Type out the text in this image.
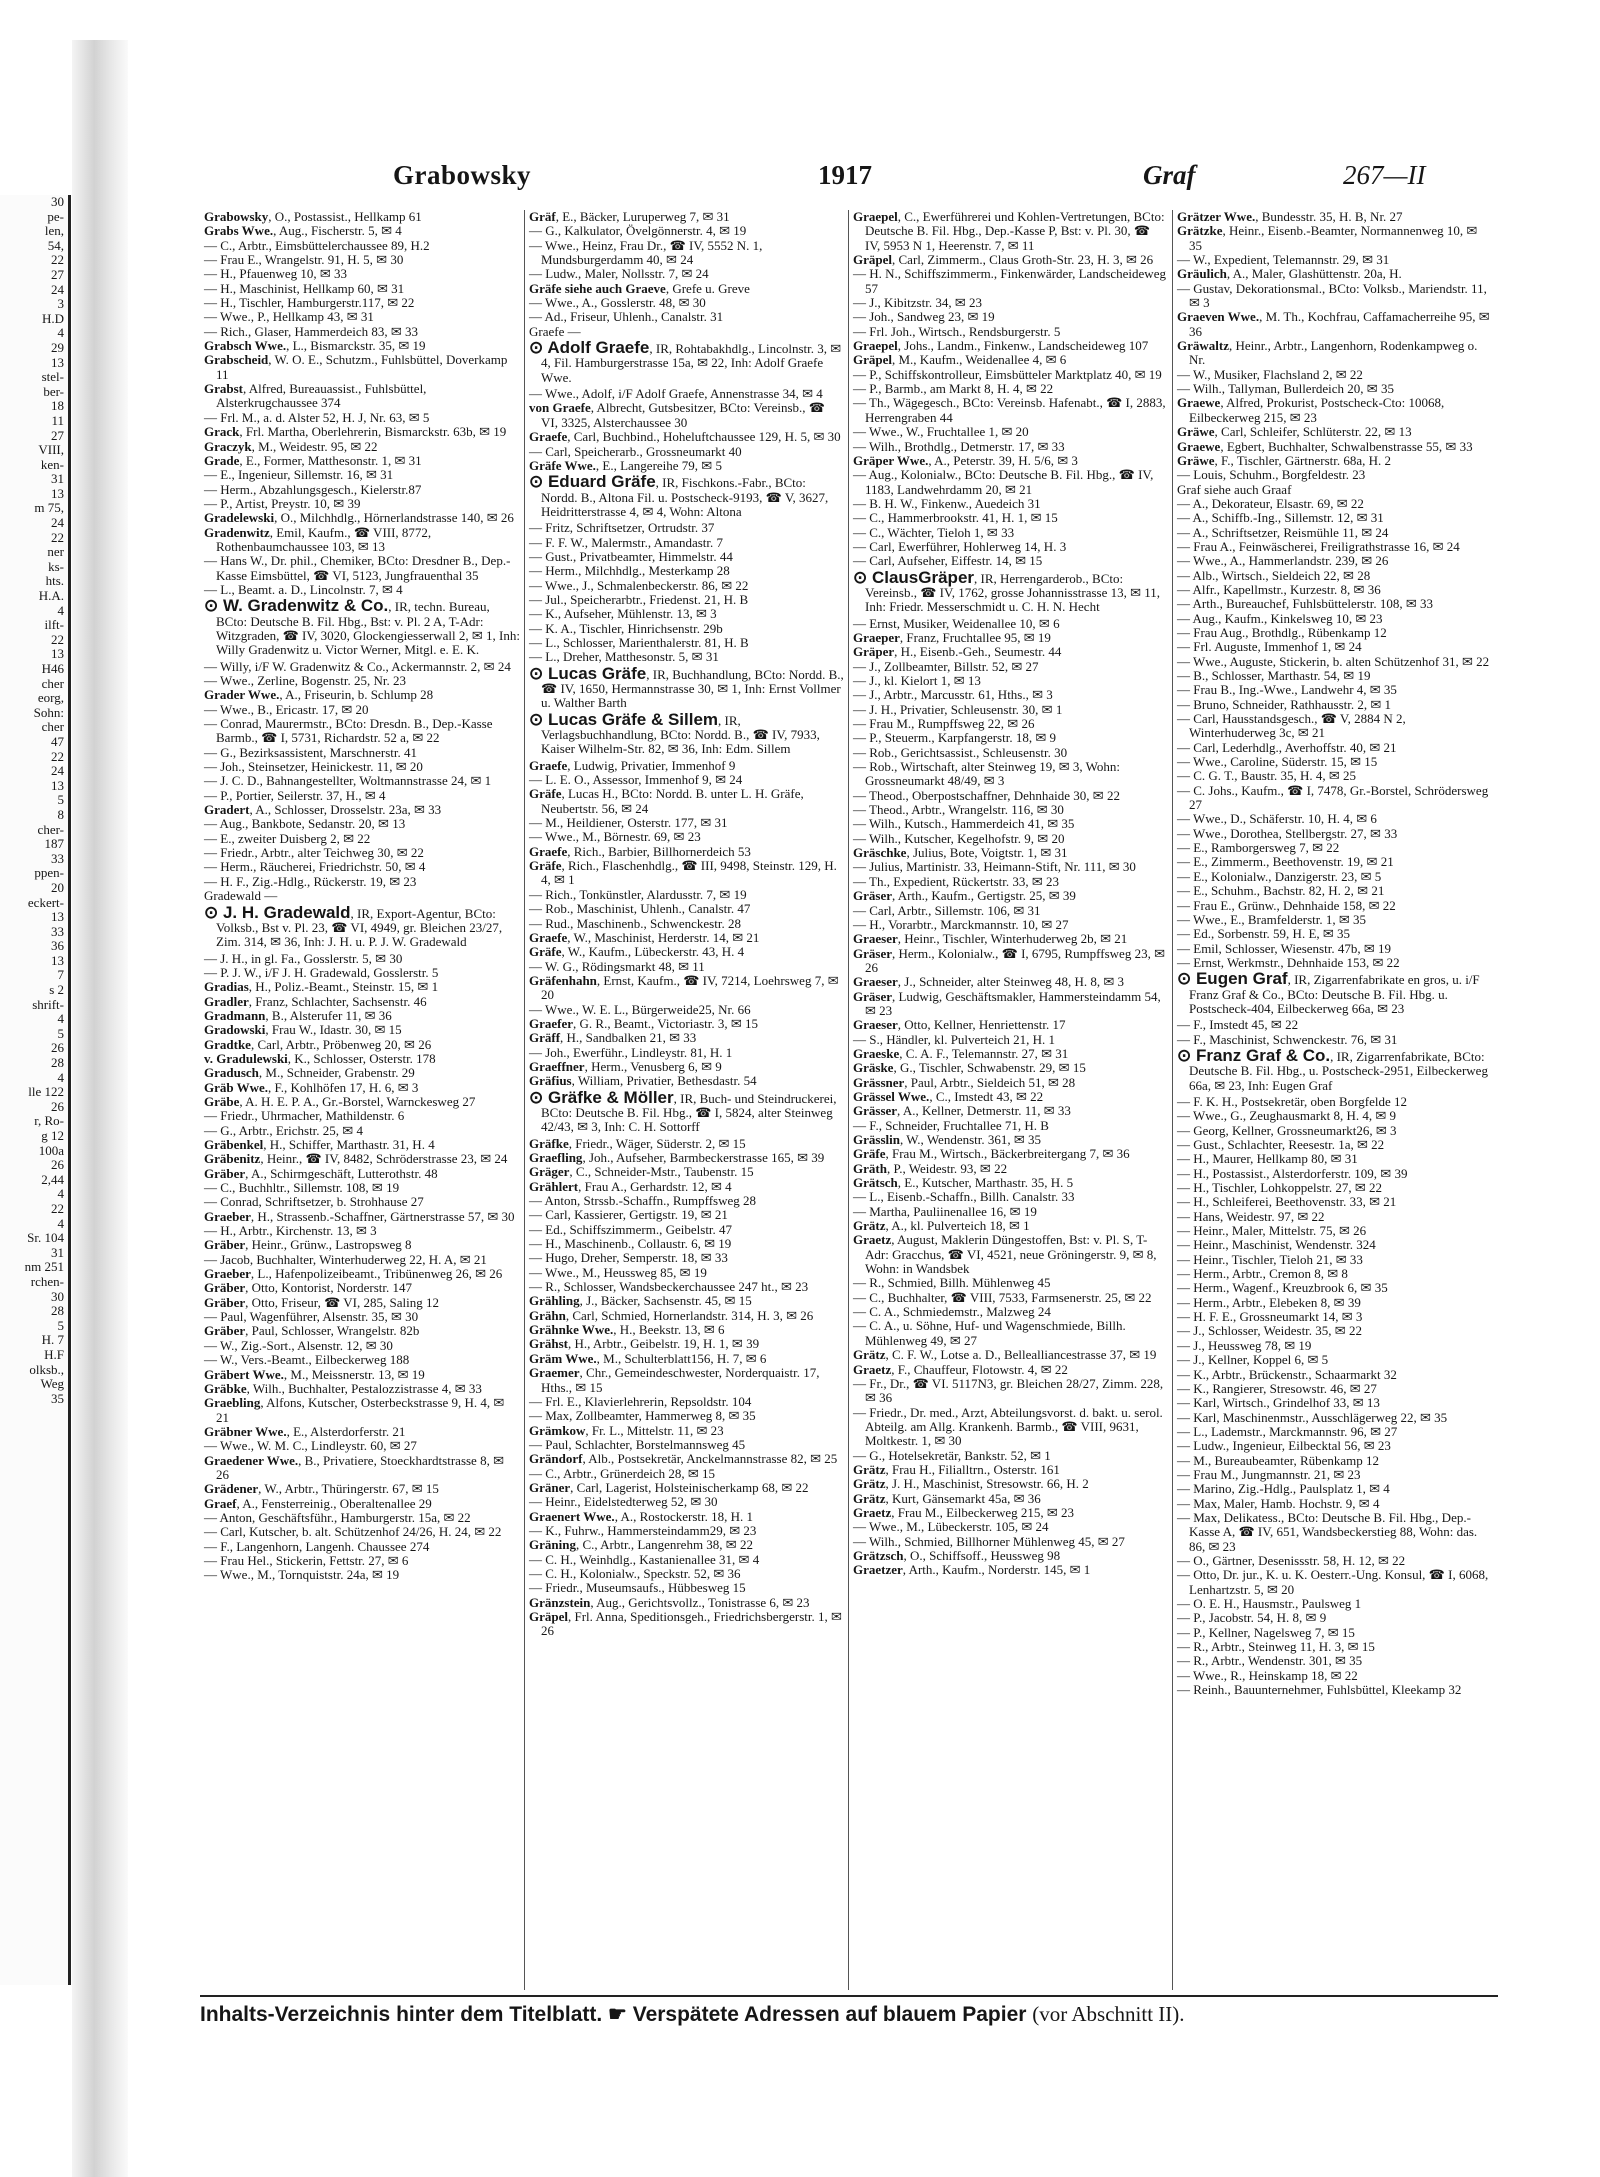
30
pe-
len,
54,
22
27
24
3
H.D
4
29
13
stel-
ber-
18
11
27
VIII,
ken-
31
13
m 75,
24
22
ner
ks-
hts.
H.A.
4
ilft-
22
13
H46
cher
eorg,
Sohn:
cher
47
22
24
13
5
8
cher-
187
33
ppen-
20
eckert-
13
33
36
13
7
s 2
shrift-
4
5
26
28
4
lle 122
26
r, Ro-
g 12
100a
26
2,44
4
22
4
Sr. 104
31
nm 251
rchen-
30
28
5
H. 7
H.F
olksb.,
Weg
35
Grabowsky	1917	Graf	267—II

Grabowsky, O., Postassist., Hellkamp 61

Grabs Wwe., Aug., Fischerstr. 5, ✉ 4

— C., Arbtr., Eimsbüttelerchaussee 89, H.2

— Frau E., Wrangelstr. 91, H. 5, ✉ 30

— H., Pfauenweg 10, ✉ 33

— H., Maschinist, Hellkamp 60, ✉ 31

— H., Tischler, Hamburgerstr.117, ✉ 22

— Wwe., P., Hellkamp 43, ✉ 31

— Rich., Glaser, Hammerdeich 83, ✉ 33

Grabsch Wwe., L., Bismarckstr. 35, ✉ 19

Grabscheid, W. O. E., Schutzm., Fuhlsbüttel, Doverkamp 11

Grabst, Alfred, Bureauassist., Fuhlsbüttel, Alsterkrugchaussee 374

— Frl. M., a. d. Alster 52, H. J, Nr. 63, ✉ 5

Grack, Frl. Martha, Oberlehrerin, Bismarckstr. 63b, ✉ 19

Graczyk, M., Weidestr. 95, ✉ 22

Grade, E., Former, Matthesonstr. 1, ✉ 31

— E., Ingenieur, Sillemstr. 16, ✉ 31

— Herm., Abzahlungsgesch., Kielerstr.87

— P., Artist, Preystr. 10, ✉ 39

Gradelewski, O., Milchhdlg., Hörnerlandstrasse 140, ✉ 26

Gradenwitz, Emil, Kaufm., ☎ VIII, 8772, Rothenbaumchaussee 103, ✉ 13

— Hans W., Dr. phil., Chemiker, BCto: Dresdner B., Dep.-Kasse Eimsbüttel, ☎ VI, 5123, Jungfrauenthal 35

— L., Beamt. a. D., Lincolnstr. 7, ✉ 4

⊙ W. Gradenwitz & Co., IR, techn. Bureau, BCto: Deutsche B. Fil. Hbg., Bst: v. Pl. 2 A, T-Adr: Witzgraden, ☎ IV, 3020, Glockengiesserwall 2, ✉ 1, Inh: Willy Gradenwitz u. Victor Werner, Mitgl. e. E. K.

— Willy, i/F W. Gradenwitz & Co., Ackermannstr. 2, ✉ 24

— Wwe., Zerline, Bogenstr. 25, Nr. 23

Grader Wwe., A., Friseurin, b. Schlump 28

— Wwe., B., Ericastr. 17, ✉ 20

— Conrad, Maurermstr., BCto: Dresdn. B., Dep.-Kasse Barmb., ☎ I, 5731, Richardstr. 52 a, ✉ 22

— G., Bezirksassistent, Marschnerstr. 41

— Joh., Steinsetzer, Heinickestr. 11, ✉ 20

— J. C. D., Bahnangestellter, Woltmannstrasse 24, ✉ 1

— P., Portier, Seilerstr. 37, H., ✉ 4

Gradert, A., Schlosser, Drosselstr. 23a, ✉ 33

— Aug., Bankbote, Sedanstr. 20, ✉ 13

— E., zweiter Duisberg 2, ✉ 22

— Friedr., Arbtr., alter Teichweg 30, ✉ 22

— Herm., Räucherei, Friedrichstr. 50, ✉ 4

— H. F., Zig.-Hdlg., Rückerstr. 19, ✉ 23

Gradewald —

⊙ J. H. Gradewald, IR, Export-Agentur, BCto: Volksb., Bst v. Pl. 23, ☎ VI, 4949, gr. Bleichen 23/27, Zim. 314, ✉ 36, Inh: J. H. u. P. J. W. Gradewald

— J. H., in gl. Fa., Gosslerstr. 5, ✉ 30

— P. J. W., i/F J. H. Gradewald, Gosslerstr. 5

Gradias, H., Poliz.-Beamt., Steinstr. 15, ✉ 1

Gradler, Franz, Schlachter, Sachsenstr. 46

Gradmann, B., Alsterufer 11, ✉ 36

Gradowski, Frau W., Idastr. 30, ✉ 15

Gradtke, Carl, Arbtr., Pröbenweg 20, ✉ 26

v. Gradulewski, K., Schlosser, Osterstr. 178

Gradusch, M., Schneider, Grabenstr. 29

Gräb Wwe., F., Kohlhöfen 17, H. 6, ✉ 3

Gräbe, A. H. E. P. A., Gr.-Borstel, Warnckesweg 27

— Friedr., Uhrmacher, Mathildenstr. 6

— G., Arbtr., Erichstr. 25, ✉ 4

Gräbenkel, H., Schiffer, Marthastr. 31, H. 4

Gräbenitz, Heinr., ☎ IV, 8482, Schröderstrasse 23, ✉ 24

Gräber, A., Schirmgeschäft, Lutterothstr. 48

— C., Buchhltr., Sillemstr. 108, ✉ 19

— Conrad, Schriftsetzer, b. Strohhause 27

Graeber, H., Strassenb.-Schaffner, Gärtnerstrasse 57, ✉ 30

— H., Arbtr., Kirchenstr. 13, ✉ 3

Gräber, Heinr., Grünw., Lastropsweg 8

— Jacob, Buchhalter, Winterhuderweg 22, H. A, ✉ 21

Graeber, L., Hafenpolizeibeamt., Tribünenweg 26, ✉ 26

Gräber, Otto, Kontorist, Norderstr. 147

Gräber, Otto, Friseur, ☎ VI, 285, Saling 12

— Paul, Wagenführer, Alsenstr. 35, ✉ 30

Gräber, Paul, Schlosser, Wrangelstr. 82b

— W., Zig.-Sort., Alsenstr. 12, ✉ 30

— W., Vers.-Beamt., Eilbeckerweg 188

Gräbert Wwe., M., Meissnerstr. 13, ✉ 19

Gräbke, Wilh., Buchhalter, Pestalozzistrasse 4, ✉ 33

Graebling, Alfons, Kutscher, Osterbeckstrasse 9, H. 4, ✉ 21

Gräbner Wwe., E., Alsterdorferstr. 21

— Wwe., W. M. C., Lindleystr. 60, ✉ 27

Graedener Wwe., B., Privatiere, Stoeckhardtstrasse 8, ✉ 26

Grädener, W., Arbtr., Thüringerstr. 67, ✉ 15

Graef, A., Fensterreinig., Oberaltenallee 29

— Anton, Geschäftsführ., Hamburgerstr. 15a, ✉ 22

— Carl, Kutscher, b. alt. Schützenhof 24/26, H. 24, ✉ 22

— F., Langenhorn, Langenh. Chaussee 274

— Frau Hel., Stickerin, Fettstr. 27, ✉ 6

— Wwe., M., Tornquiststr. 24a, ✉ 19

Gräf, E., Bäcker, Luruperweg 7, ✉ 31

— G., Kalkulator, Övelgönnerstr. 4, ✉ 19

— Wwe., Heinz, Frau Dr., ☎ IV, 5552 N. 1, Mundsburgerdamm 40, ✉ 24

— Ludw., Maler, Nollsstr. 7, ✉ 24

Gräfe siehe auch Graeve, Grefe u. Greve

— Wwe., A., Gosslerstr. 48, ✉ 30

— Ad., Friseur, Uhlenh., Canalstr. 31

Graefe —

⊙ Adolf Graefe, IR, Rohtabakhdlg., Lincolnstr. 3, ✉ 4, Fil. Hamburgerstrasse 15a, ✉ 22, Inh: Adolf Graefe Wwe.

— Wwe., Adolf, i/F Adolf Graefe, Annenstrasse 34, ✉ 4

von Graefe, Albrecht, Gutsbesitzer, BCto: Vereinsb., ☎ VI, 3325, Alsterchaussee 30

Graefe, Carl, Buchbind., Hoheluftchaussee 129, H. 5, ✉ 30

— Carl, Speicherarb., Grossneumarkt 40

Gräfe Wwe., E., Langereihe 79, ✉ 5

⊙ Eduard Gräfe, IR, Fischkons.-Fabr., BCto: Nordd. B., Altona Fil. u. Postscheck-9193, ☎ V, 3627, Heidritterstrasse 4, ✉ 4, Wohn: Altona

— Fritz, Schriftsetzer, Ortrudstr. 37

— F. F. W., Malermstr., Amandastr. 7

— Gust., Privatbeamter, Himmelstr. 44

— Herm., Milchhdlg., Mesterkamp 28

— Wwe., J., Schmalenbeckerstr. 86, ✉ 22

— Jul., Speicherarbtr., Friedenst. 21, H. B

— K., Aufseher, Mühlenstr. 13, ✉ 3

— K. A., Tischler, Hinrichsenstr. 29b

— L., Schlosser, Marienthalerstr. 81, H. B

— L., Dreher, Matthesonstr. 5, ✉ 31

⊙ Lucas Gräfe, IR, Buchhandlung, BCto: Nordd. B., ☎ IV, 1650, Hermannstrasse 30, ✉ 1, Inh: Ernst Vollmer u. Walther Barth

⊙ Lucas Gräfe & Sillem, IR, Verlagsbuchhandlung, BCto: Nordd. B., ☎ IV, 7933, Kaiser Wilhelm-Str. 82, ✉ 36, Inh: Edm. Sillem

Graefe, Ludwig, Privatier, Immenhof 9

— L. E. O., Assessor, Immenhof 9, ✉ 24

Gräfe, Lucas H., BCto: Nordd. B. unter L. H. Gräfe, Neubertstr. 56, ✉ 24

— M., Heildiener, Osterstr. 177, ✉ 31

— Wwe., M., Börnestr. 69, ✉ 23

Graefe, Rich., Barbier, Billhornerdeich 53

Gräfe, Rich., Flaschenhdlg., ☎ III, 9498, Steinstr. 129, H. 4, ✉ 1

— Rich., Tonkünstler, Alardusstr. 7, ✉ 19

— Rob., Maschinist, Uhlenh., Canalstr. 47

— Rud., Maschinenb., Schwenckestr. 28

Graefe, W., Maschinist, Herderstr. 14, ✉ 21

Gräfe, W., Kaufm., Lübeckerstr. 43, H. 4

— W. G., Rödingsmarkt 48, ✉ 11

Gräfenhahn, Ernst, Kaufm., ☎ IV, 7214, Loehrsweg 7, ✉ 20

— Wwe., W. E. L., Bürgerweide25, Nr. 66

Graefer, G. R., Beamt., Victoriastr. 3, ✉ 15

Gräff, H., Sandbalken 21, ✉ 33

— Joh., Ewerführ., Lindleystr. 81, H. 1

Graeffner, Herm., Venusberg 6, ✉ 9

Gräfius, William, Privatier, Bethesdastr. 54

⊙ Gräfke & Möller, IR, Buch- und Steindruckerei, BCto: Deutsche B. Fil. Hbg., ☎ I, 5824, alter Steinweg 42/43, ✉ 3, Inh: C. H. Sottorff

Gräfke, Friedr., Wäger, Süderstr. 2, ✉ 15

Graefling, Joh., Aufseher, Barmbeckerstrasse 165, ✉ 39

Gräger, C., Schneider-Mstr., Taubenstr. 15

Grählert, Frau A., Gerhardstr. 12, ✉ 4

— Anton, Strssb.-Schaffn., Rumpffsweg 28

— Carl, Kassierer, Gertigstr. 19, ✉ 21

— Ed., Schiffszimmerm., Geibelstr. 47

— H., Maschinenb., Collaustr. 6, ✉ 19

— Hugo, Dreher, Semperstr. 18, ✉ 33

— Wwe., M., Heussweg 85, ✉ 19

— R., Schlosser, Wandsbeckerchaussee 247 ht., ✉ 23

Grähling, J., Bäcker, Sachsenstr. 45, ✉ 15

Grähn, Carl, Schmied, Hornerlandstr. 314, H. 3, ✉ 26

Grähnke Wwe., H., Beekstr. 13, ✉ 6

Grähst, H., Arbtr., Geibelstr. 19, H. 1, ✉ 39

Gräm Wwe., M., Schulterblatt156, H. 7, ✉ 6

Graemer, Chr., Gemeindeschwester, Norderquaistr. 17, Hths., ✉ 15

— Frl. E., Klavierlehrerin, Repsoldstr. 104

— Max, Zollbeamter, Hammerweg 8, ✉ 35

Grämkow, Fr. L., Mittelstr. 11, ✉ 23

— Paul, Schlachter, Borstelmannsweg 45

Grändorf, Alb., Postsekretär, Anckelmannstrasse 82, ✉ 25

— C., Arbtr., Grünerdeich 28, ✉ 15

Gräner, Carl, Lagerist, Holsteinischerkamp 68, ✉ 22

— Heinr., Eidelstedterweg 52, ✉ 30

Graenert Wwe., A., Rostockerstr. 18, H. 1

— K., Fuhrw., Hammersteindamm29, ✉ 23

Gräning, C., Arbtr., Langenrehm 38, ✉ 22

— C. H., Weinhdlg., Kastanienallee 31, ✉ 4

— C. H., Kolonialw., Speckstr. 52, ✉ 36

— Friedr., Museumsaufs., Hübbesweg 15

Gränzstein, Aug., Gerichtsvollz., Tonistrasse 6, ✉ 23

Gräpel, Frl. Anna, Speditionsgeh., Friedrichsbergerstr. 1, ✉ 26

Graepel, C., Ewerführerei und Kohlen-Vertretungen, BCto: Deutsche B. Fil. Hbg., Dep.-Kasse P, Bst: v. Pl. 30, ☎ IV, 5953 N 1, Heerenstr. 7, ✉ 11

Gräpel, Carl, Zimmerm., Claus Groth-Str. 23, H. 3, ✉ 26

— H. N., Schiffszimmerm., Finkenwärder, Landscheideweg 57

— J., Kibitzstr. 34, ✉ 23

— Joh., Sandweg 23, ✉ 19

— Frl. Joh., Wirtsch., Rendsburgerstr. 5

Graepel, Johs., Landm., Finkenw., Landscheideweg 107

Gräpel, M., Kaufm., Weidenallee 4, ✉ 6

— P., Schiffskontrolleur, Eimsbütteler Marktplatz 40, ✉ 19

— P., Barmb., am Markt 8, H. 4, ✉ 22

— Th., Wägegesch., BCto: Vereinsb. Hafenabt., ☎ I, 2883, Herrengraben 44

— Wwe., W., Fruchtallee 1, ✉ 20

— Wilh., Brothdlg., Detmerstr. 17, ✉ 33

Gräper Wwe., A., Peterstr. 39, H. 5/6, ✉ 3

— Aug., Kolonialw., BCto: Deutsche B. Fil. Hbg., ☎ IV, 1183, Landwehrdamm 20, ✉ 21

— B. H. W., Finkenw., Auedeich 31

— C., Hammerbrookstr. 41, H. 1, ✉ 15

— C., Wächter, Tieloh 1, ✉ 33

— Carl, Ewerführer, Hohlerweg 14, H. 3

— Carl, Aufseher, Eiffestr. 14, ✉ 15

⊙ ClausGräper, IR, Herrengarderob., BCto: Vereinsb., ☎ IV, 1762, grosse Johannisstrasse 13, ✉ 11, Inh: Friedr. Messerschmidt u. C. H. N. Hecht

— Ernst, Musiker, Weidenallee 10, ✉ 6

Graeper, Franz, Fruchtallee 95, ✉ 19

Gräper, H., Eisenb.-Geh., Seumestr. 44

— J., Zollbeamter, Billstr. 52, ✉ 27

— J., kl. Kielort 1, ✉ 13

— J., Arbtr., Marcusstr. 61, Hths., ✉ 3

— J. H., Privatier, Schleusenstr. 30, ✉ 1

— Frau M., Rumpffsweg 22, ✉ 26

— P., Steuerm., Karpfangerstr. 18, ✉ 9

— Rob., Gerichtsassist., Schleusenstr. 30

— Rob., Wirtschaft, alter Steinweg 19, ✉ 3, Wohn: Grossneumarkt 48/49, ✉ 3

— Theod., Oberpostschaffner, Dehnhaide 30, ✉ 22

— Theod., Arbtr., Wrangelstr. 116, ✉ 30

— Wilh., Kutsch., Hammerdeich 41, ✉ 35

— Wilh., Kutscher, Kegelhofstr. 9, ✉ 20

Gräschke, Julius, Bote, Voigtstr. 1, ✉ 31

— Julius, Martinistr. 33, Heimann-Stift, Nr. 111, ✉ 30

— Th., Expedient, Rückertstr. 33, ✉ 23

Gräser, Arth., Kaufm., Gertigstr. 25, ✉ 39

— Carl, Arbtr., Sillemstr. 106, ✉ 31

— H., Vorarbtr., Marckmannstr. 10, ✉ 27

Graeser, Heinr., Tischler, Winterhuderweg 2b, ✉ 21

Gräser, Herm., Kolonialw., ☎ I, 6795, Rumpffsweg 23, ✉ 26

Graeser, J., Schneider, alter Steinweg 48, H. 8, ✉ 3

Gräser, Ludwig, Geschäftsmakler, Hammersteindamm 54, ✉ 23

Graeser, Otto, Kellner, Henriettenstr. 17

— S., Händler, kl. Pulverteich 21, H. 1

Graeske, C. A. F., Telemannstr. 27, ✉ 31

Gräske, G., Tischler, Schwabenstr. 29, ✉ 15

Grässner, Paul, Arbtr., Sieldeich 51, ✉ 28

Grässel Wwe., C., Imstedt 43, ✉ 22

Grässer, A., Kellner, Detmerstr. 11, ✉ 33

— F., Schneider, Fruchtallee 71, H. B

Grässlin, W., Wendenstr. 361, ✉ 35

Gräfe, Frau M., Wirtsch., Bäckerbreitergang 7, ✉ 36

Gräth, P., Weidestr. 93, ✉ 22

Grätsch, E., Kutscher, Marthastr. 35, H. 5

— L., Eisenb.-Schaffn., Billh. Canalstr. 33

— Martha, Pauliinenallee 16, ✉ 19

Grätz, A., kl. Pulverteich 18, ✉ 1

Graetz, August, Maklerin Düngestoffen, Bst: v. Pl. S, T-Adr: Gracchus, ☎ VI, 4521, neue Gröningerstr. 9, ✉ 8, Wohn: in Wandsbek

— R., Schmied, Billh. Mühlenweg 45

— C., Buchhalter, ☎ VIII, 7533, Farmsenerstr. 25, ✉ 22

— C. A., Schmiedemstr., Malzweg 24

— C. A., u. Söhne, Huf- und Wagenschmiede, Billh. Mühlenweg 49, ✉ 27

Grätz, C. F. W., Lotse a. D., Bellealliancestrasse 37, ✉ 19

Graetz, F., Chauffeur, Flotowstr. 4, ✉ 22

— Fr., Dr., ☎ VI. 5117N3, gr. Bleichen 28/27, Zimm. 228, ✉ 36

— Friedr., Dr. med., Arzt, Abteilungsvorst. d. bakt. u. serol. Abteilg. am Allg. Krankenh. Barmb., ☎ VIII, 9631, Moltkestr. 1, ✉ 30

— G., Hotelsekretär, Bankstr. 52, ✉ 1

Grätz, Frau H., Filialltrn., Osterstr. 161

Grätz, J. H., Maschinist, Stresowstr. 66, H. 2

Grätz, Kurt, Gänsemarkt 45a, ✉ 36

Graetz, Frau M., Eilbeckerweg 215, ✉ 23

— Wwe., M., Lübeckerstr. 105, ✉ 24

— Wilh., Schmied, Billhorner Mühlenweg 45, ✉ 27

Grätzsch, O., Schiffsoff., Heussweg 98

Graetzer, Arth., Kaufm., Norderstr. 145, ✉ 1

Grätzer Wwe., Bundesstr. 35, H. B, Nr. 27

Grätzke, Heinr., Eisenb.-Beamter, Normannenweg 10, ✉ 35

— W., Expedient, Telemannstr. 29, ✉ 31

Gräulich, A., Maler, Glashüttenstr. 20a, H.

— Gustav, Dekorationsmal., BCto: Volksb., Mariendstr. 11, ✉ 3

Graeven Wwe., M. Th., Kochfrau, Caffamacherreihe 95, ✉ 36

Gräwaltz, Heinr., Arbtr., Langenhorn, Rodenkampweg o. Nr.

— W., Musiker, Flachsland 2, ✉ 22

— Wilh., Tallyman, Bullerdeich 20, ✉ 35

Graewe, Alfred, Prokurist, Postscheck-Cto: 10068, Eilbeckerweg 215, ✉ 23

Gräwe, Carl, Schleifer, Schlüterstr. 22, ✉ 13

Graewe, Egbert, Buchhalter, Schwalbenstrasse 55, ✉ 33

Gräwe, F., Tischler, Gärtnerstr. 68a, H. 2

— Louis, Schuhm., Borgfeldestr. 23

Graf siehe auch Graaf

— A., Dekorateur, Elsastr. 69, ✉ 22

— A., Schiffb.-Ing., Sillemstr. 12, ✉ 31

— A., Schriftsetzer, Reismühle 11, ✉ 24

— Frau A., Feinwäscherei, Freiligrathstrasse 16, ✉ 24

— Wwe., A., Hammerlandstr. 239, ✉ 26

— Alb., Wirtsch., Sieldeich 22, ✉ 28

— Alfr., Kapellmstr., Kurzestr. 8, ✉ 36

— Arth., Bureauchef, Fuhlsbüttelerstr. 108, ✉ 33

— Aug., Kaufm., Kinkelsweg 10, ✉ 23

— Frau Aug., Brothdlg., Rübenkamp 12

— Frl. Auguste, Immenhof 1, ✉ 24

— Wwe., Auguste, Stickerin, b. alten Schützenhof 31, ✉ 22

— B., Schlosser, Marthastr. 54, ✉ 19

— Frau B., Ing.-Wwe., Landwehr 4, ✉ 35

— Bruno, Schneider, Rathhausstr. 2, ✉ 1

— Carl, Hausstandsgesch., ☎ V, 2884 N 2, Winterhuderweg 3c, ✉ 21

— Carl, Lederhdlg., Averhoffstr. 40, ✉ 21

— Wwe., Caroline, Süderstr. 15, ✉ 15

— C. G. T., Baustr. 35, H. 4, ✉ 25

— C. Johs., Kaufm., ☎ I, 7478, Gr.-Borstel, Schrödersweg 27

— Wwe., D., Schäferstr. 10, H. 4, ✉ 6

— Wwe., Dorothea, Stellbergstr. 27, ✉ 33

— E., Ramborgersweg 7, ✉ 22

— E., Zimmerm., Beethovenstr. 19, ✉ 21

— E., Kolonialw., Danzigerstr. 23, ✉ 5

— E., Schuhm., Bachstr. 82, H. 2, ✉ 21

— Frau E., Grünw., Dehnhaide 158, ✉ 22

— Wwe., E., Bramfelderstr. 1, ✉ 35

— Ed., Sorbenstr. 59, H. E, ✉ 35

— Emil, Schlosser, Wiesenstr. 47b, ✉ 19

— Ernst, Werkmstr., Dehnhaide 153, ✉ 22

⊙ Eugen Graf, IR, Zigarrenfabrikate en gros, u. i/F Franz Graf & Co., BCto: Deutsche B. Fil. Hbg. u. Postscheck-404, Eilbeckerweg 66a, ✉ 23

— F., Imstedt 45, ✉ 22

— F., Maschinist, Schwenckestr. 76, ✉ 31

⊙ Franz Graf & Co., IR, Zigarrenfabrikate, BCto: Deutsche B. Fil. Hbg., u. Postscheck-2951, Eilbeckerweg 66a, ✉ 23, Inh: Eugen Graf

— F. K. H., Postsekretär, oben Borgfelde 12

— Wwe., G., Zeughausmarkt 8, H. 4, ✉ 9

— Georg, Kellner, Grossneumarkt26, ✉ 3

— Gust., Schlachter, Reesestr. 1a, ✉ 22

— H., Maurer, Hellkamp 80, ✉ 31

— H., Postassist., Alsterdorferstr. 109, ✉ 39

— H., Tischler, Lohkoppelstr. 27, ✉ 22

— H., Schleiferei, Beethovenstr. 33, ✉ 21

— Hans, Weidestr. 97, ✉ 22

— Heinr., Maler, Mittelstr. 75, ✉ 26

— Heinr., Maschinist, Wendenstr. 324

— Heinr., Tischler, Tieloh 21, ✉ 33

— Herm., Arbtr., Cremon 8, ✉ 8

— Herm., Wagenf., Kreuzbrook 6, ✉ 35

— Herm., Arbtr., Elebeken 8, ✉ 39

— H. F. E., Grossneumarkt 14, ✉ 3

— J., Schlosser, Weidestr. 35, ✉ 22

— J., Heussweg 78, ✉ 19

— J., Kellner, Koppel 6, ✉ 5

— K., Arbtr., Brückenstr., Schaarmarkt 32

— K., Rangierer, Stresowstr. 46, ✉ 27

— Karl, Wirtsch., Grindelhof 33, ✉ 13

— Karl, Maschinenmstr., Ausschlägerweg 22, ✉ 35

— L., Lademstr., Marckmannstr. 96, ✉ 27

— Ludw., Ingenieur, Eilbecktal 56, ✉ 23

— M., Bureaubeamter, Rübenkamp 12

— Frau M., Jungmannstr. 21, ✉ 23

— Marino, Zig.-Hdlg., Paulsplatz 1, ✉ 4

— Max, Maler, Hamb. Hochstr. 9, ✉ 4

— Max, Delikatess., BCto: Deutsche B. Fil. Hbg., Dep.-Kasse A, ☎ IV, 651, Wandsbeckerstieg 88, Wohn: das. 86, ✉ 23

— O., Gärtner, Desenissstr. 58, H. 12, ✉ 22

— Otto, Dr. jur., K. u. K. Oesterr.-Ung. Konsul, ☎ I, 6068, Lenhartzstr. 5, ✉ 20

— O. E. H., Hausmstr., Paulsweg 1

— P., Jacobstr. 54, H. 8, ✉ 9

— P., Kellner, Nagelsweg 7, ✉ 15

— R., Arbtr., Steinweg 11, H. 3, ✉ 15

— R., Arbtr., Wendenstr. 301, ✉ 35

— Wwe., R., Heinskamp 18, ✉ 22

— Reinh., Bauunternehmer, Fuhlsbüttel, Kleekamp 32

Inhalts-Verzeichnis hinter dem Titelblatt. ☛ Verspätete Adressen auf blauem Papier (vor Abschnitt II).
